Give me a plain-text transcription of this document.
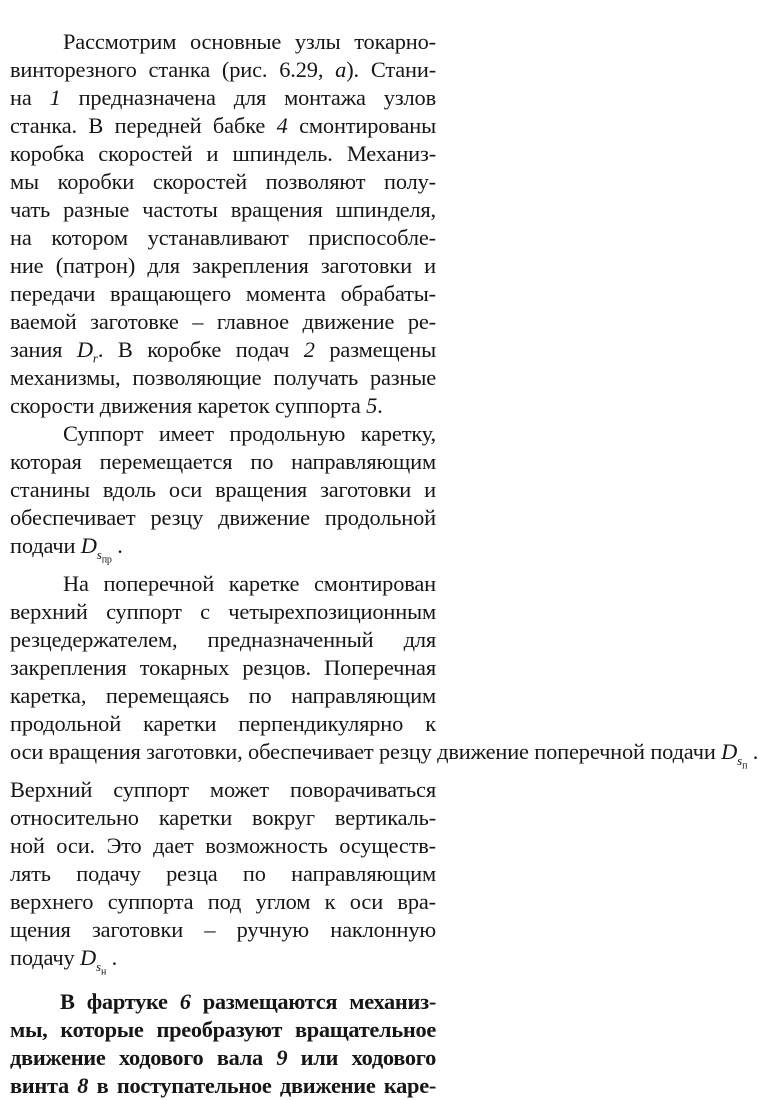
Рассмотрим основные узлы токарно-

винторезного станка (рис. 6.29, а). Стани-

на 1 предназначена для монтажа узлов

станка. В передней бабке 4 смонтированы

коробка скоростей и шпиндель. Механиз-

мы коробки скоростей позволяют полу-

чать разные частоты вращения шпинделя,

на котором устанавливают приспособле-

ние (патрон) для закрепления заготовки и

передачи вращающего момента обрабаты-

ваемой заготовке – главное движение ре-

зания $D_r$. В коробке подач 2 размещены

механизмы, позволяющие получать разные

скорости движения кареток суппорта 5.

Суппорт имеет продольную каретку,

которая перемещается по направляющим

станины вдоль оси вращения заготовки и

обеспечивает резцу движение продольной

подачи $D_{s_{пр}}$ .

На поперечной каретке смонтирован

верхний суппорт с четырехпозиционным

резцедержателем, предназначенный для

закрепления токарных резцов. Поперечная

каретка, перемещаясь по направляющим

продольной каретки перпендикулярно к

оси вращения заготовки, обеспечивает резцу движение поперечной подачи $D_{s_п}$ .

Верхний суппорт может поворачиваться

относительно каретки вокруг вертикаль-

ной оси. Это дает возможность осуществ-

лять подачу резца по направляющим

верхнего суппорта под углом к оси вра-

щения заготовки – ручную наклонную

подачу $D_{s_н}$ .

В фартуке 6 размещаются механиз-

мы, которые преобразуют вращательное

движение ходового вала 9 или ходового

винта 8 в поступательное движение каре-
